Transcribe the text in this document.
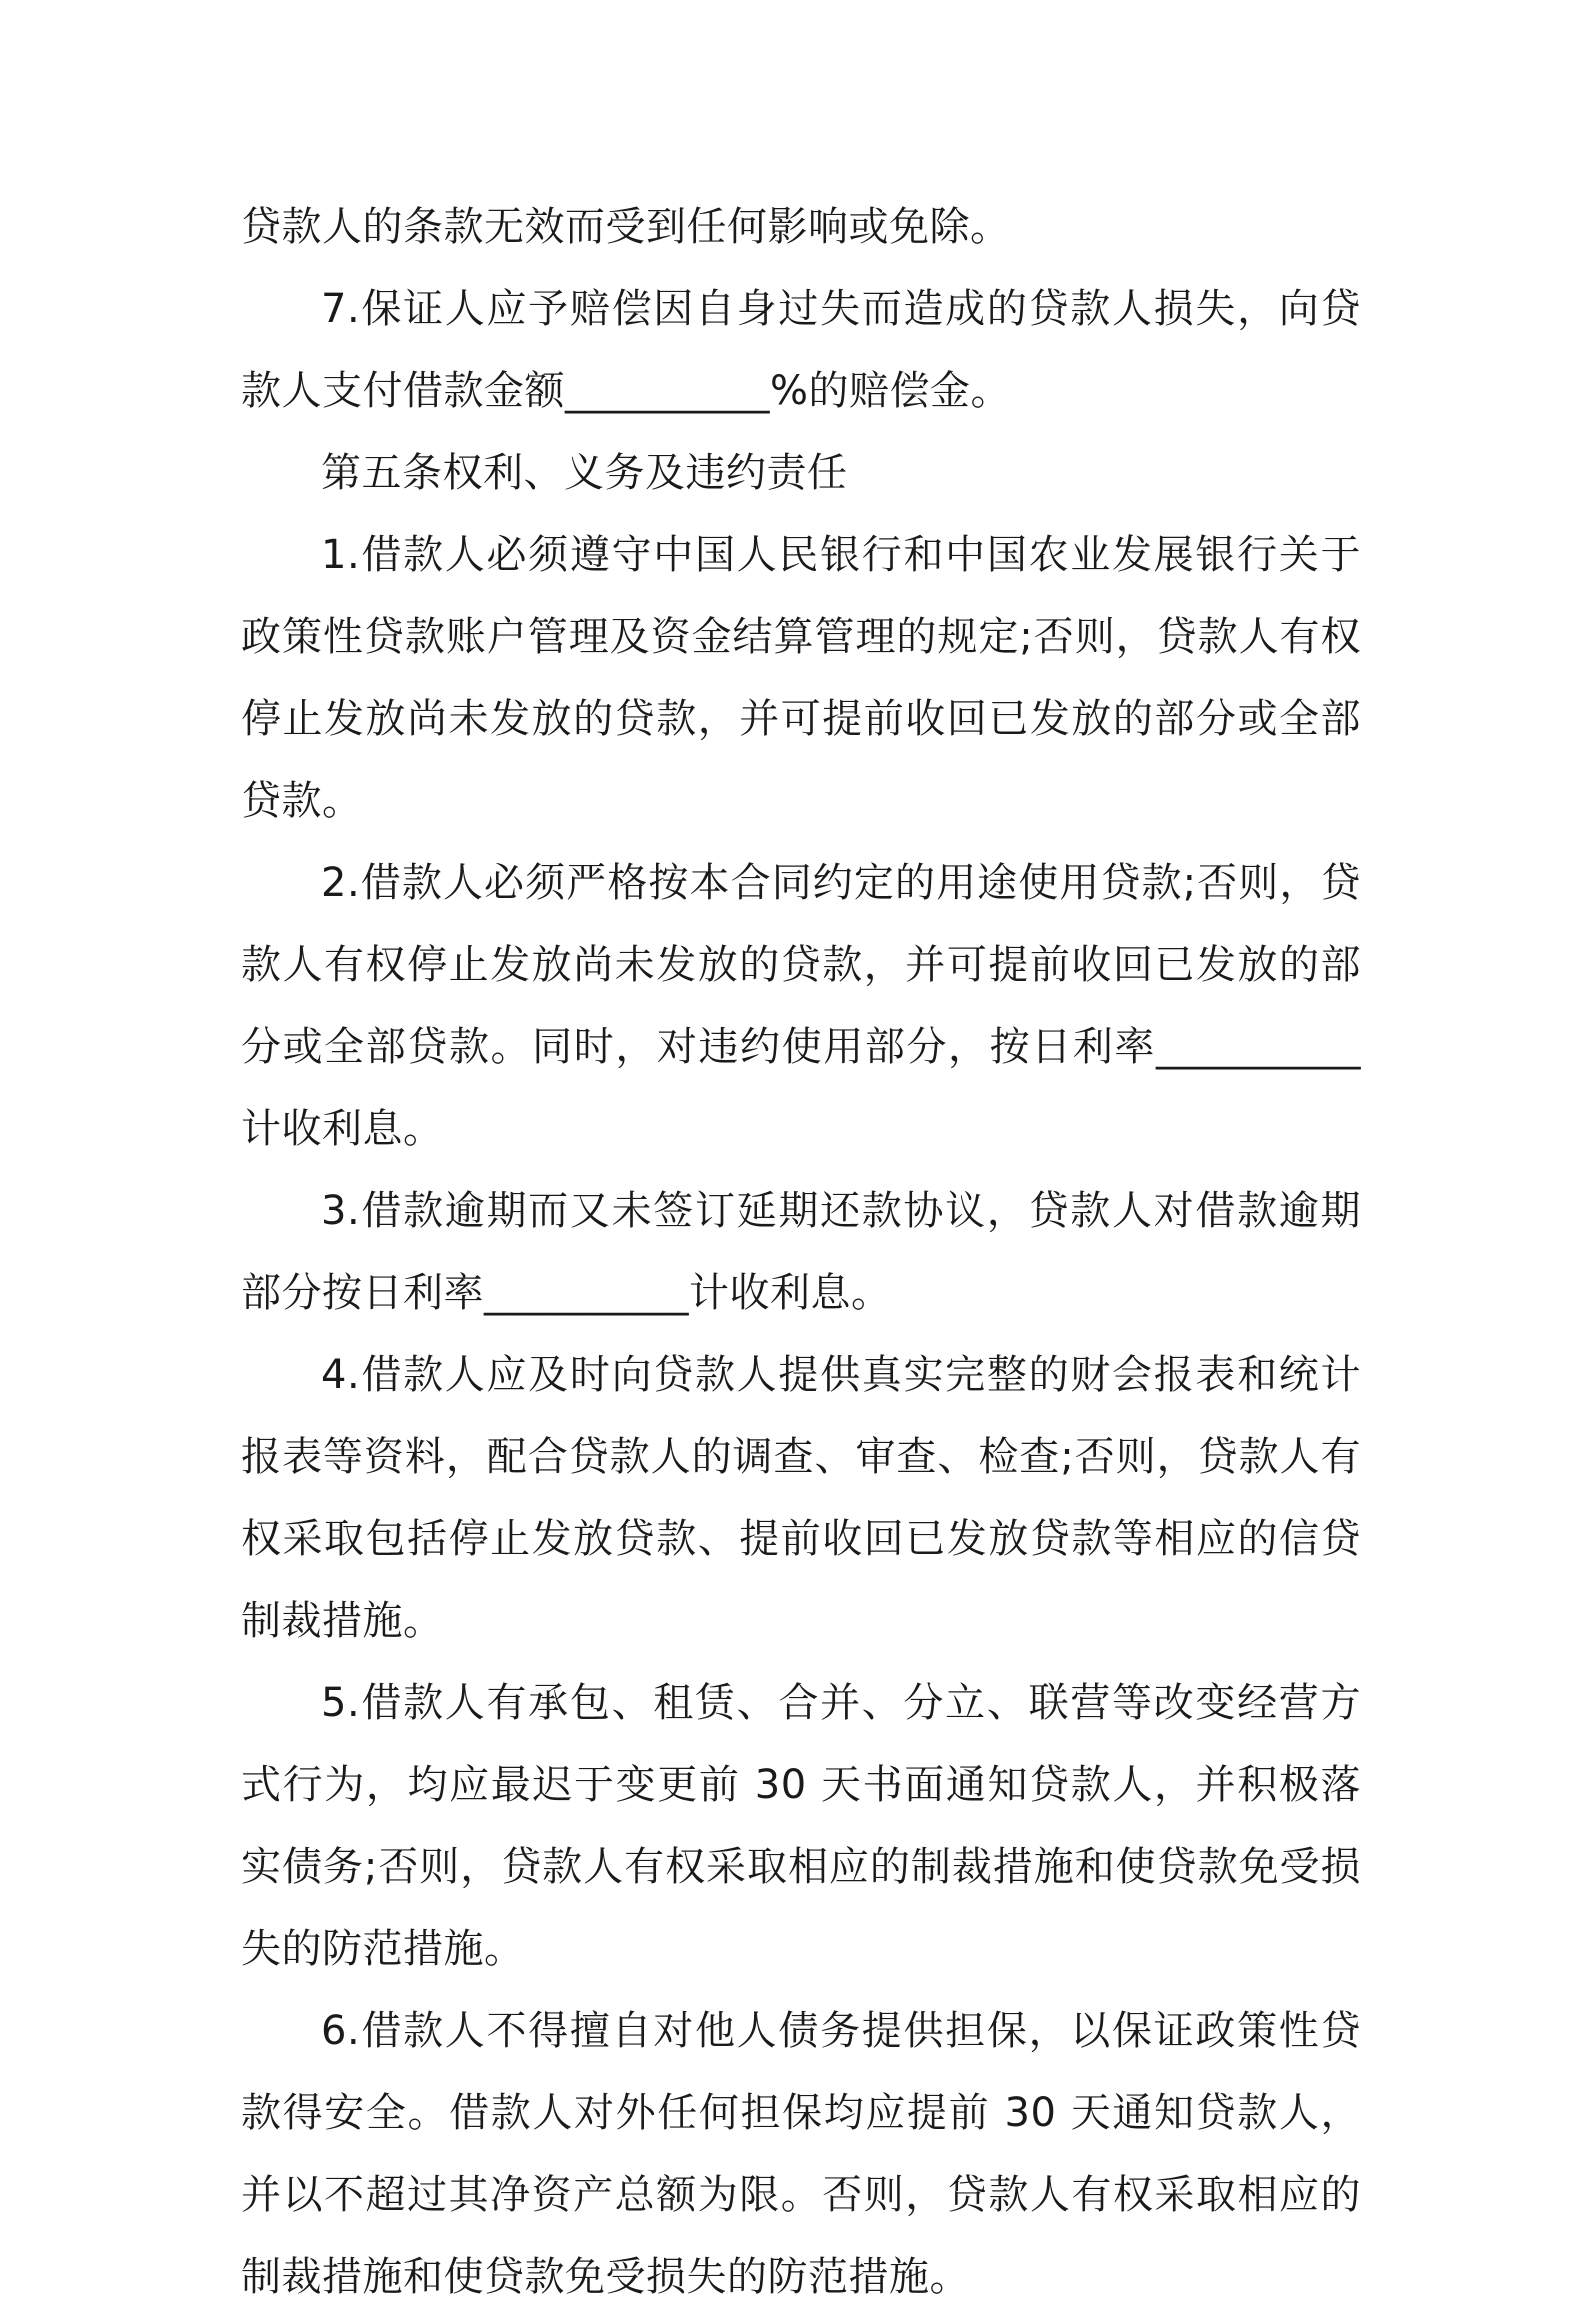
贷款人的条款无效而受到任何影响或免除。

7.保证人应予赔偿因自身过失而造成的贷款人损失，向贷款人支付借款金额__________%的赔偿金。

第五条权利、义务及违约责任

1.借款人必须遵守中国人民银行和中国农业发展银行关于政策性贷款账户管理及资金结算管理的规定;否则，贷款人有权停止发放尚未发放的贷款，并可提前收回已发放的部分或全部贷款。

2.借款人必须严格按本合同约定的用途使用贷款;否则，贷款人有权停止发放尚未发放的贷款，并可提前收回已发放的部分或全部贷款。同时，对违约使用部分，按日利率__________计收利息。

3.借款逾期而又未签订延期还款协议，贷款人对借款逾期部分按日利率__________计收利息。

4.借款人应及时向贷款人提供真实完整的财会报表和统计报表等资料，配合贷款人的调查、审查、检查;否则，贷款人有权采取包括停止发放贷款、提前收回已发放贷款等相应的信贷制裁措施。

5.借款人有承包、租赁、合并、分立、联营等改变经营方式行为，均应最迟于变更前 30 天书面通知贷款人，并积极落实债务;否则，贷款人有权采取相应的制裁措施和使贷款免受损失的防范措施。

6.借款人不得擅自对他人债务提供担保，以保证政策性贷款得安全。借款人对外任何担保均应提前 30 天通知贷款人，并以不超过其净资产总额为限。否则，贷款人有权采取相应的制裁措施和使贷款免受损失的防范措施。
